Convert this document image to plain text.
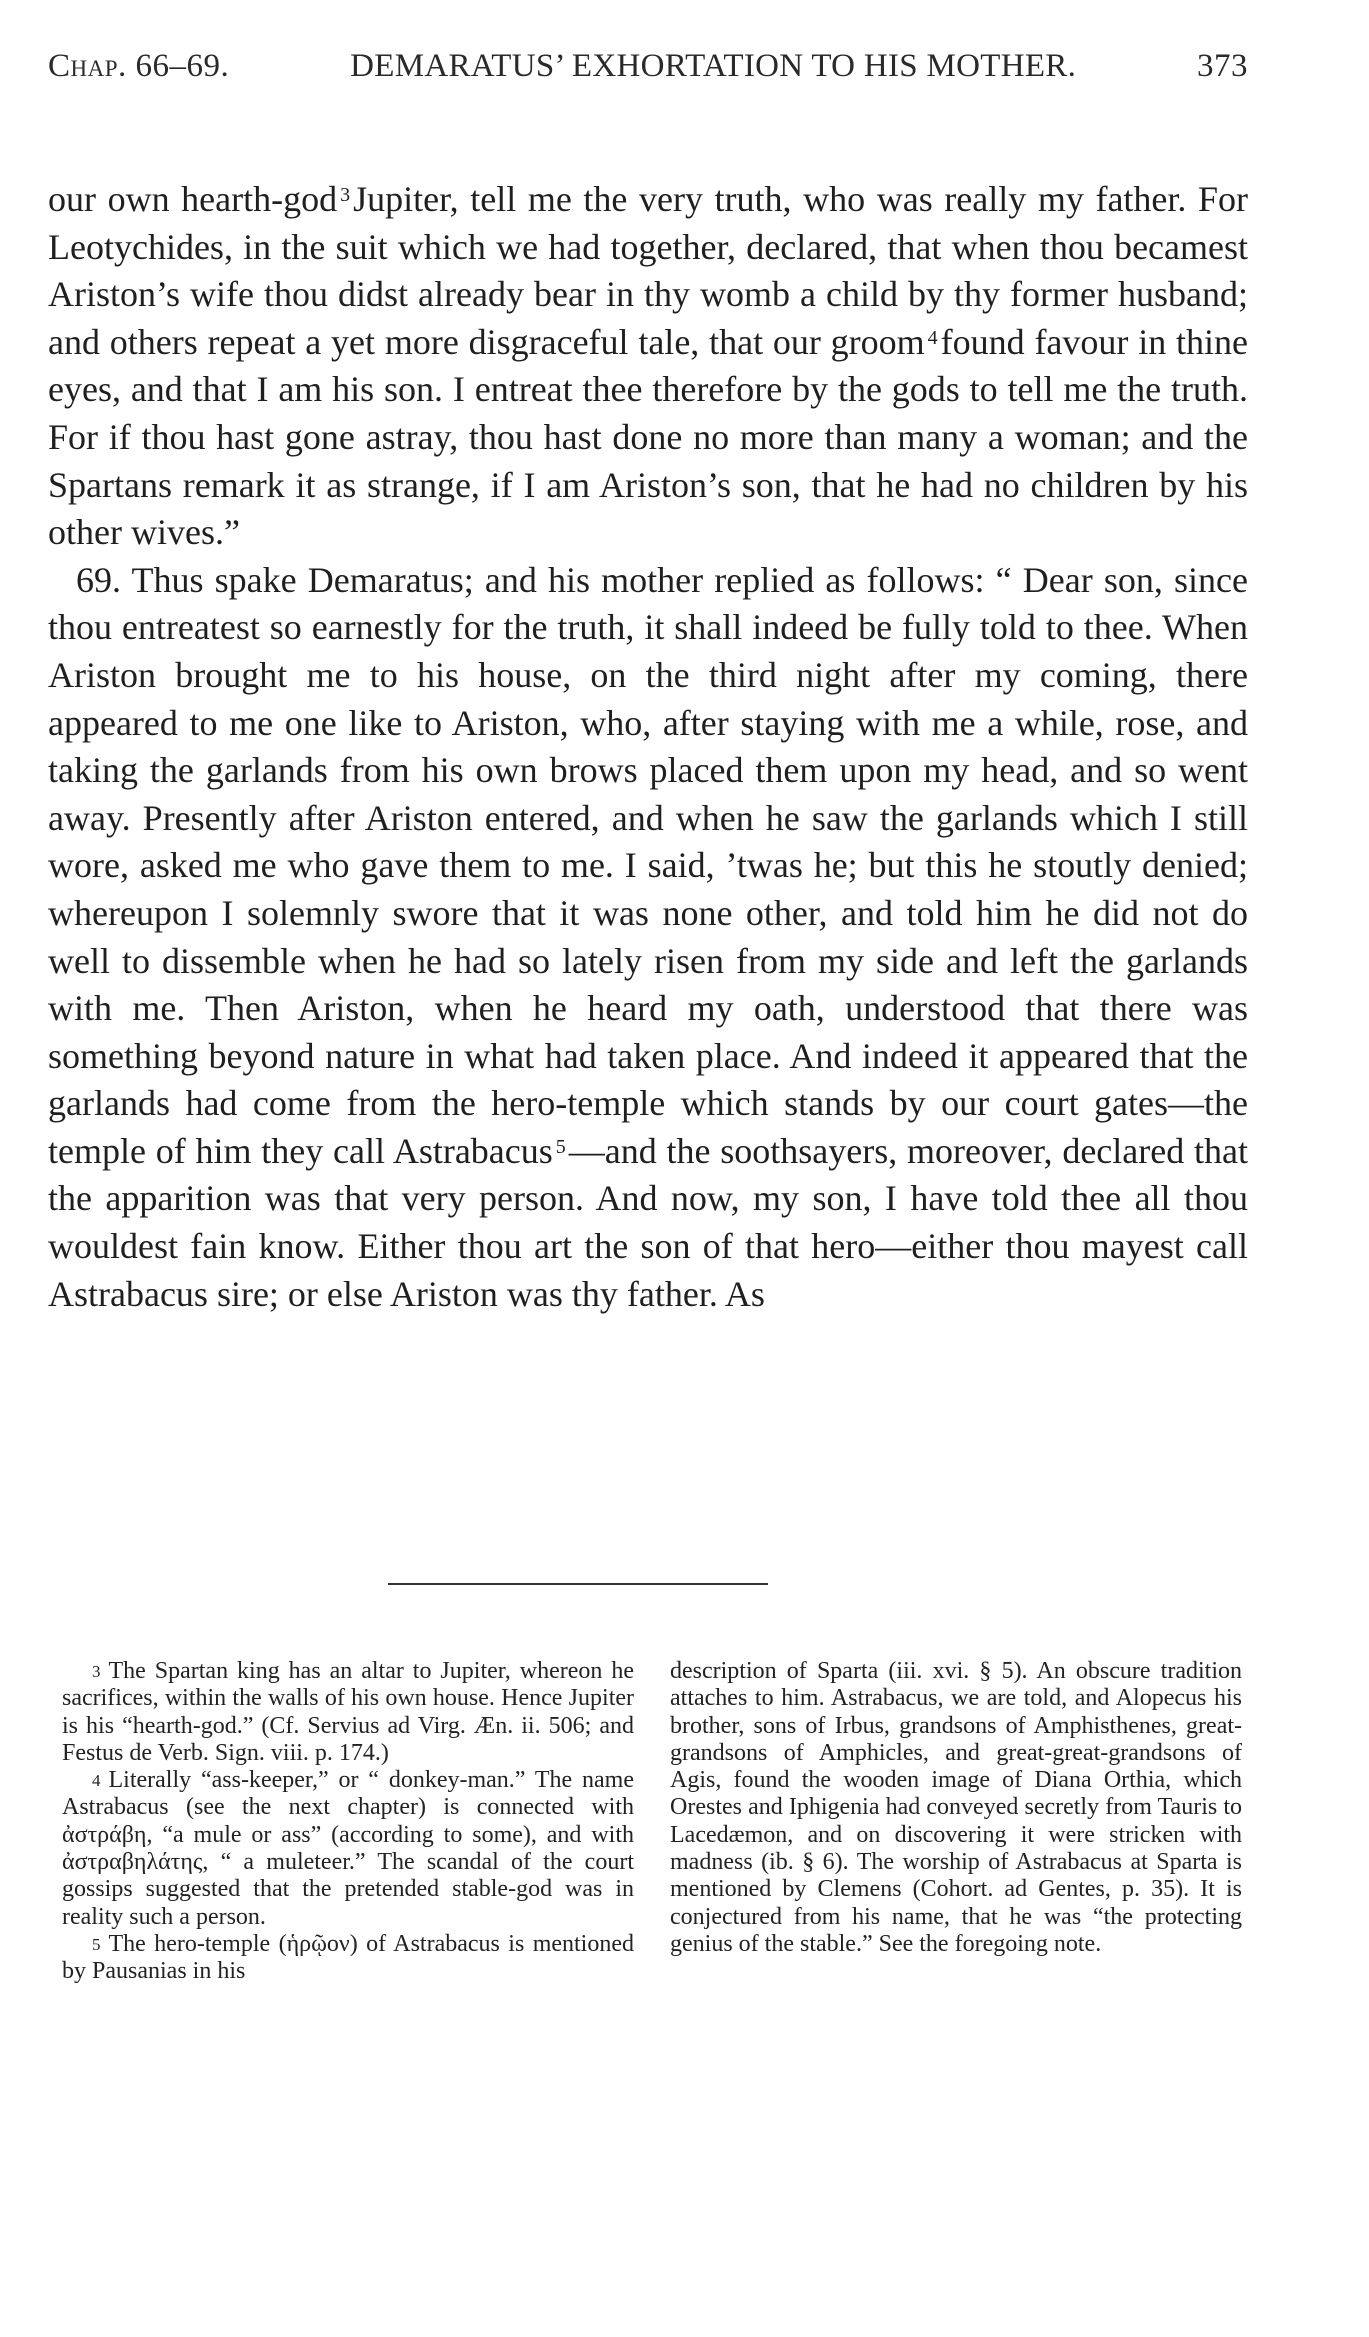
Chap. 66–69.	DEMARATUS’ EXHORTATION TO HIS MOTHER.	373

our own hearth-god $^3$Jupiter, tell me the very truth, who was really my father. For Leotychides, in the suit which we had together, declared, that when thou becamest Ariston’s wife thou didst already bear in thy womb a child by thy former husband; and others repeat a yet more disgraceful tale, that our groom $^4$found favour in thine eyes, and that I am his son. I entreat thee therefore by the gods to tell me the truth. For if thou hast gone astray, thou hast done no more than many a woman; and the Spartans remark it as strange, if I am Ariston’s son, that he had no children by his other wives.”

69. Thus spake Demaratus; and his mother replied as follows: “ Dear son, since thou entreatest so earnestly for the truth, it shall indeed be fully told to thee. When Ariston brought me to his house, on the third night after my coming, there appeared to me one like to Ariston, who, after staying with me a while, rose, and taking the garlands from his own brows placed them upon my head, and so went away. Presently after Ariston entered, and when he saw the garlands which I still wore, asked me who gave them to me. I said, ’twas he; but this he stoutly denied; whereupon I solemnly swore that it was none other, and told him he did not do well to dissemble when he had so lately risen from my side and left the garlands with me. Then Ariston, when he heard my oath, understood that there was something beyond nature in what had taken place. And indeed it appeared that the garlands had come from the hero-temple which stands by our court gates—the temple of him they call Astrabacus $^5$—and the soothsayers, moreover, declared that the apparition was that very person. And now, my son, I have told thee all thou wouldest fain know. Either thou art the son of that hero—either thou mayest call Astrabacus sire; or else Ariston was thy father. As

$^3$ The Spartan king has an altar to Jupiter, whereon he sacrifices, within the walls of his own house. Hence Jupiter is his “hearth-god.” (Cf. Servius ad Virg. Æn. ii. 506; and Festus de Verb. Sign. viii. p. 174.)

$^4$ Literally “ass-keeper,” or “ donkey-man.” The name Astrabacus (see the next chapter) is connected with ἀστράβη, “a mule or ass” (according to some), and with ἀστραβηλάτης, “ a muleteer.” The scandal of the court gossips suggested that the pretended stable-god was in reality such a person.

$^5$ The hero-temple (ἡρῷον) of Astrabacus is mentioned by Pausanias in his

description of Sparta (iii. xvi. § 5). An obscure tradition attaches to him. Astrabacus, we are told, and Alopecus his brother, sons of Irbus, grandsons of Amphisthenes, great-grandsons of Amphicles, and great-great-grandsons of Agis, found the wooden image of Diana Orthia, which Orestes and Iphigenia had conveyed secretly from Tauris to Lacedæmon, and on discovering it were stricken with madness (ib. § 6). The worship of Astrabacus at Sparta is mentioned by Clemens (Cohort. ad Gentes, p. 35). It is conjectured from his name, that he was “the protecting genius of the stable.” See the foregoing note.
